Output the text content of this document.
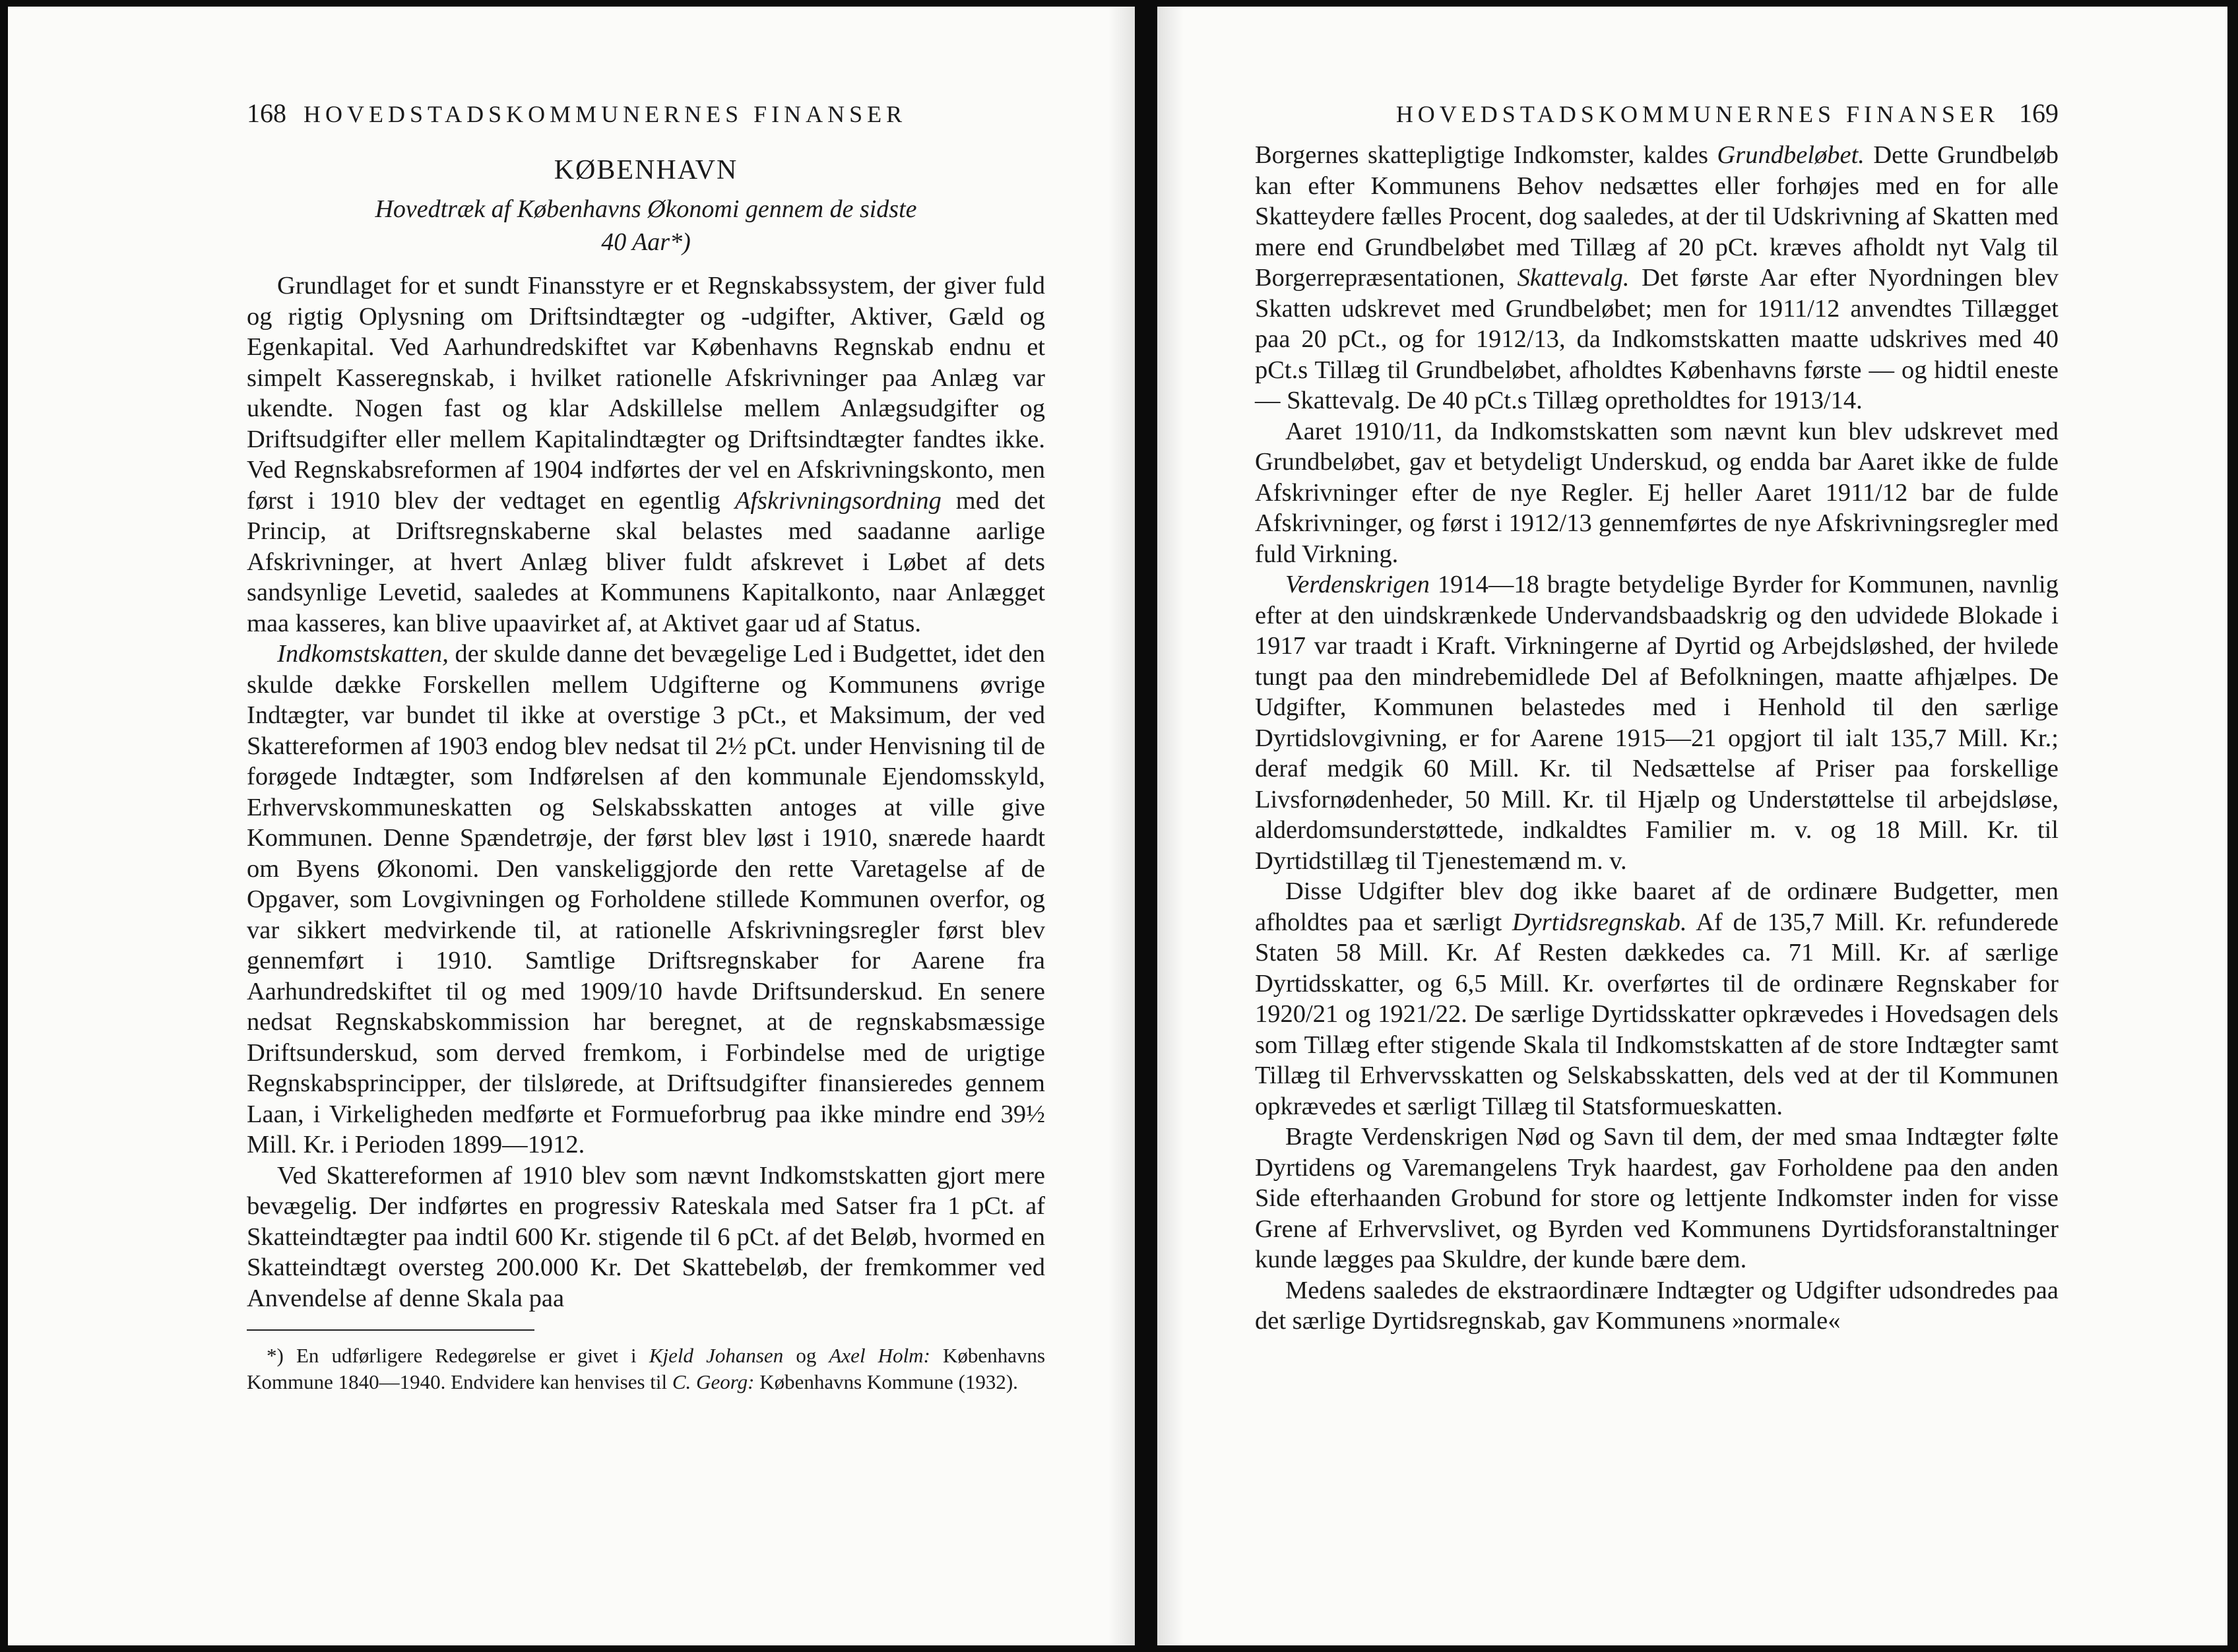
168 HOVEDSTADSKOMMUNERNES FINANSER
KØBENHAVN
Hovedtræk af Københavns Økonomi gennem de sidste
40 Aar*)

Grundlaget for et sundt Finansstyre er et Regnskabssystem, der giver fuld og rigtig Oplysning om Driftsindtægter og -udgifter, Aktiver, Gæld og Egenkapital. Ved Aarhundredskiftet var Københavns Regnskab endnu et simpelt Kasseregnskab, i hvilket rationelle Afskrivninger paa Anlæg var ukendte. Nogen fast og klar Adskillelse mellem Anlægsudgifter og Driftsudgifter eller mellem Kapitalindtægter og Driftsindtægter fandtes ikke. Ved Regnskabsreformen af 1904 indførtes der vel en Afskrivningskonto, men først i 1910 blev der vedtaget en egentlig Afskrivningsordning med det Princip, at Driftsregnskaberne skal belastes med saadanne aarlige Afskrivninger, at hvert Anlæg bliver fuldt afskrevet i Løbet af dets sandsynlige Levetid, saaledes at Kommunens Kapitalkonto, naar Anlægget maa kasseres, kan blive upaavirket af, at Aktivet gaar ud af Status.

Indkomstskatten, der skulde danne det bevægelige Led i Budgettet, idet den skulde dække Forskellen mellem Udgifterne og Kommunens øvrige Indtægter, var bundet til ikke at overstige 3 pCt., et Maksimum, der ved Skattereformen af 1903 endog blev nedsat til 2½ pCt. under Henvisning til de forøgede Indtægter, som Indførelsen af den kommunale Ejendomsskyld, Erhvervskommuneskatten og Selskabsskatten antoges at ville give Kommunen. Denne Spændetrøje, der først blev løst i 1910, snærede haardt om Byens Økonomi. Den vanskeliggjorde den rette Varetagelse af de Opgaver, som Lovgivningen og Forholdene stillede Kommunen overfor, og var sikkert medvirkende til, at rationelle Afskrivningsregler først blev gennemført i 1910. Samtlige Driftsregnskaber for Aarene fra Aarhundredskiftet til og med 1909/10 havde Driftsunderskud. En senere nedsat Regnskabskommission har beregnet, at de regnskabsmæssige Driftsunderskud, som derved fremkom, i Forbindelse med de urigtige Regnskabsprincipper, der tilslørede, at Driftsudgifter finansieredes gennem Laan, i Virkeligheden medførte et Formueforbrug paa ikke mindre end 39½ Mill. Kr. i Perioden 1899—1912.

Ved Skattereformen af 1910 blev som nævnt Indkomstskatten gjort mere bevægelig. Der indførtes en progressiv Rateskala med Satser fra 1 pCt. af Skatteindtægter paa indtil 600 Kr. stigende til 6 pCt. af det Beløb, hvormed en Skatteindtægt oversteg 200.000 Kr. Det Skattebeløb, der fremkommer ved Anvendelse af denne Skala paa

*) En udførligere Redegørelse er givet i Kjeld Johansen og Axel Holm: Københavns Kommune 1840—1940. Endvidere kan henvises til C. Georg: Københavns Kommune (1932).

HOVEDSTADSKOMMUNERNES FINANSER 169

Borgernes skattepligtige Indkomster, kaldes Grundbeløbet. Dette Grundbeløb kan efter Kommunens Behov nedsættes eller forhøjes med en for alle Skatteydere fælles Procent, dog saaledes, at der til Udskrivning af Skatten med mere end Grundbeløbet med Tillæg af 20 pCt. kræves afholdt nyt Valg til Borgerrepræsentationen, Skattevalg. Det første Aar efter Nyordningen blev Skatten udskrevet med Grundbeløbet; men for 1911/12 anvendtes Tillægget paa 20 pCt., og for 1912/13, da Indkomstskatten maatte udskrives med 40 pCt.s Tillæg til Grundbeløbet, afholdtes Københavns første — og hidtil eneste — Skattevalg. De 40 pCt.s Tillæg opretholdtes for 1913/14.

Aaret 1910/11, da Indkomstskatten som nævnt kun blev udskrevet med Grundbeløbet, gav et betydeligt Underskud, og endda bar Aaret ikke de fulde Afskrivninger efter de nye Regler. Ej heller Aaret 1911/12 bar de fulde Afskrivninger, og først i 1912/13 gennemførtes de nye Afskrivningsregler med fuld Virkning.

Verdenskrigen 1914—18 bragte betydelige Byrder for Kommunen, navnlig efter at den uindskrænkede Undervandsbaadskrig og den udvidede Blokade i 1917 var traadt i Kraft. Virkningerne af Dyrtid og Arbejdsløshed, der hvilede tungt paa den mindrebemidlede Del af Befolkningen, maatte afhjælpes. De Udgifter, Kommunen belastedes med i Henhold til den særlige Dyrtidslovgivning, er for Aarene 1915—21 opgjort til ialt 135,7 Mill. Kr.; deraf medgik 60 Mill. Kr. til Nedsættelse af Priser paa forskellige Livsfornødenheder, 50 Mill. Kr. til Hjælp og Understøttelse til arbejdsløse, alderdomsunderstøttede, indkaldtes Familier m. v. og 18 Mill. Kr. til Dyrtidstillæg til Tjenestemænd m. v.

Disse Udgifter blev dog ikke baaret af de ordinære Budgetter, men afholdtes paa et særligt Dyrtidsregnskab. Af de 135,7 Mill. Kr. refunderede Staten 58 Mill. Kr. Af Resten dækkedes ca. 71 Mill. Kr. af særlige Dyrtidsskatter, og 6,5 Mill. Kr. overførtes til de ordinære Regnskaber for 1920/21 og 1921/22. De særlige Dyrtidsskatter opkrævedes i Hovedsagen dels som Tillæg efter stigende Skala til Indkomstskatten af de store Indtægter samt Tillæg til Erhvervsskatten og Selskabsskatten, dels ved at der til Kommunen opkrævedes et særligt Tillæg til Statsformueskatten.

Bragte Verdenskrigen Nød og Savn til dem, der med smaa Indtægter følte Dyrtidens og Varemangelens Tryk haardest, gav Forholdene paa den anden Side efterhaanden Grobund for store og lettjente Indkomster inden for visse Grene af Erhvervslivet, og Byrden ved Kommunens Dyrtidsforanstaltninger kunde lægges paa Skuldre, der kunde bære dem.

Medens saaledes de ekstraordinære Indtægter og Udgifter udsondredes paa det særlige Dyrtidsregnskab, gav Kommunens »normale«
